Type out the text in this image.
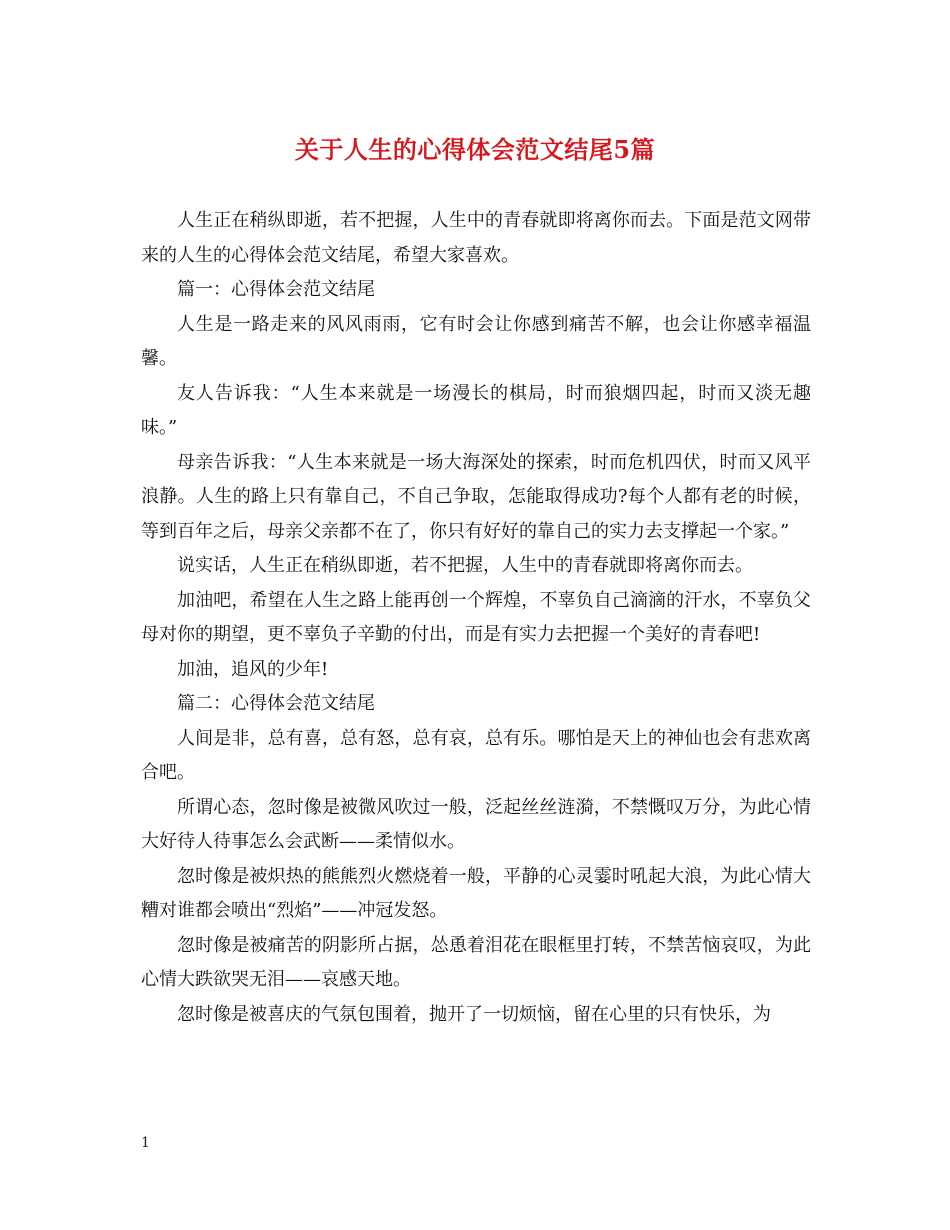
关于人生的心得体会范文结尾5篇

人生正在稍纵即逝，若不把握，人生中的青春就即将离你而去。下面是范文网带来的人生的心得体会范文结尾，希望大家喜欢。

篇一：心得体会范文结尾

人生是一路走来的风风雨雨，它有时会让你感到痛苦不解，也会让你感幸福温馨。

友人告诉我：“人生本来就是一场漫长的棋局，时而狼烟四起，时而又淡无趣味。”

母亲告诉我：“人生本来就是一场大海深处的探索，时而危机四伏，时而又风平浪静。人生的路上只有靠自己，不自己争取，怎能取得成功?每个人都有老的时候，等到百年之后，母亲父亲都不在了，你只有好好的靠自己的实力去支撑起一个家。”

说实话，人生正在稍纵即逝，若不把握，人生中的青春就即将离你而去。

加油吧，希望在人生之路上能再创一个辉煌，不辜负自己滴滴的汗水，不辜负父母对你的期望，更不辜负子辛勤的付出，而是有实力去把握一个美好的青春吧!

加油，追风的少年!

篇二：心得体会范文结尾

人间是非，总有喜，总有怒，总有哀，总有乐。哪怕是天上的神仙也会有悲欢离合吧。

所谓心态，忽时像是被微风吹过一般，泛起丝丝涟漪，不禁慨叹万分，为此心情大好待人待事怎么会武断——柔情似水。

忽时像是被炽热的熊熊烈火燃烧着一般，平静的心灵霎时吼起大浪，为此心情大糟对谁都会喷出“烈焰”——冲冠发怒。

忽时像是被痛苦的阴影所占据，怂恿着泪花在眼框里打转，不禁苦恼哀叹，为此心情大跌欲哭无泪——哀感天地。

忽时像是被喜庆的气氛包围着，抛开了一切烦恼，留在心里的只有快乐，为

1
